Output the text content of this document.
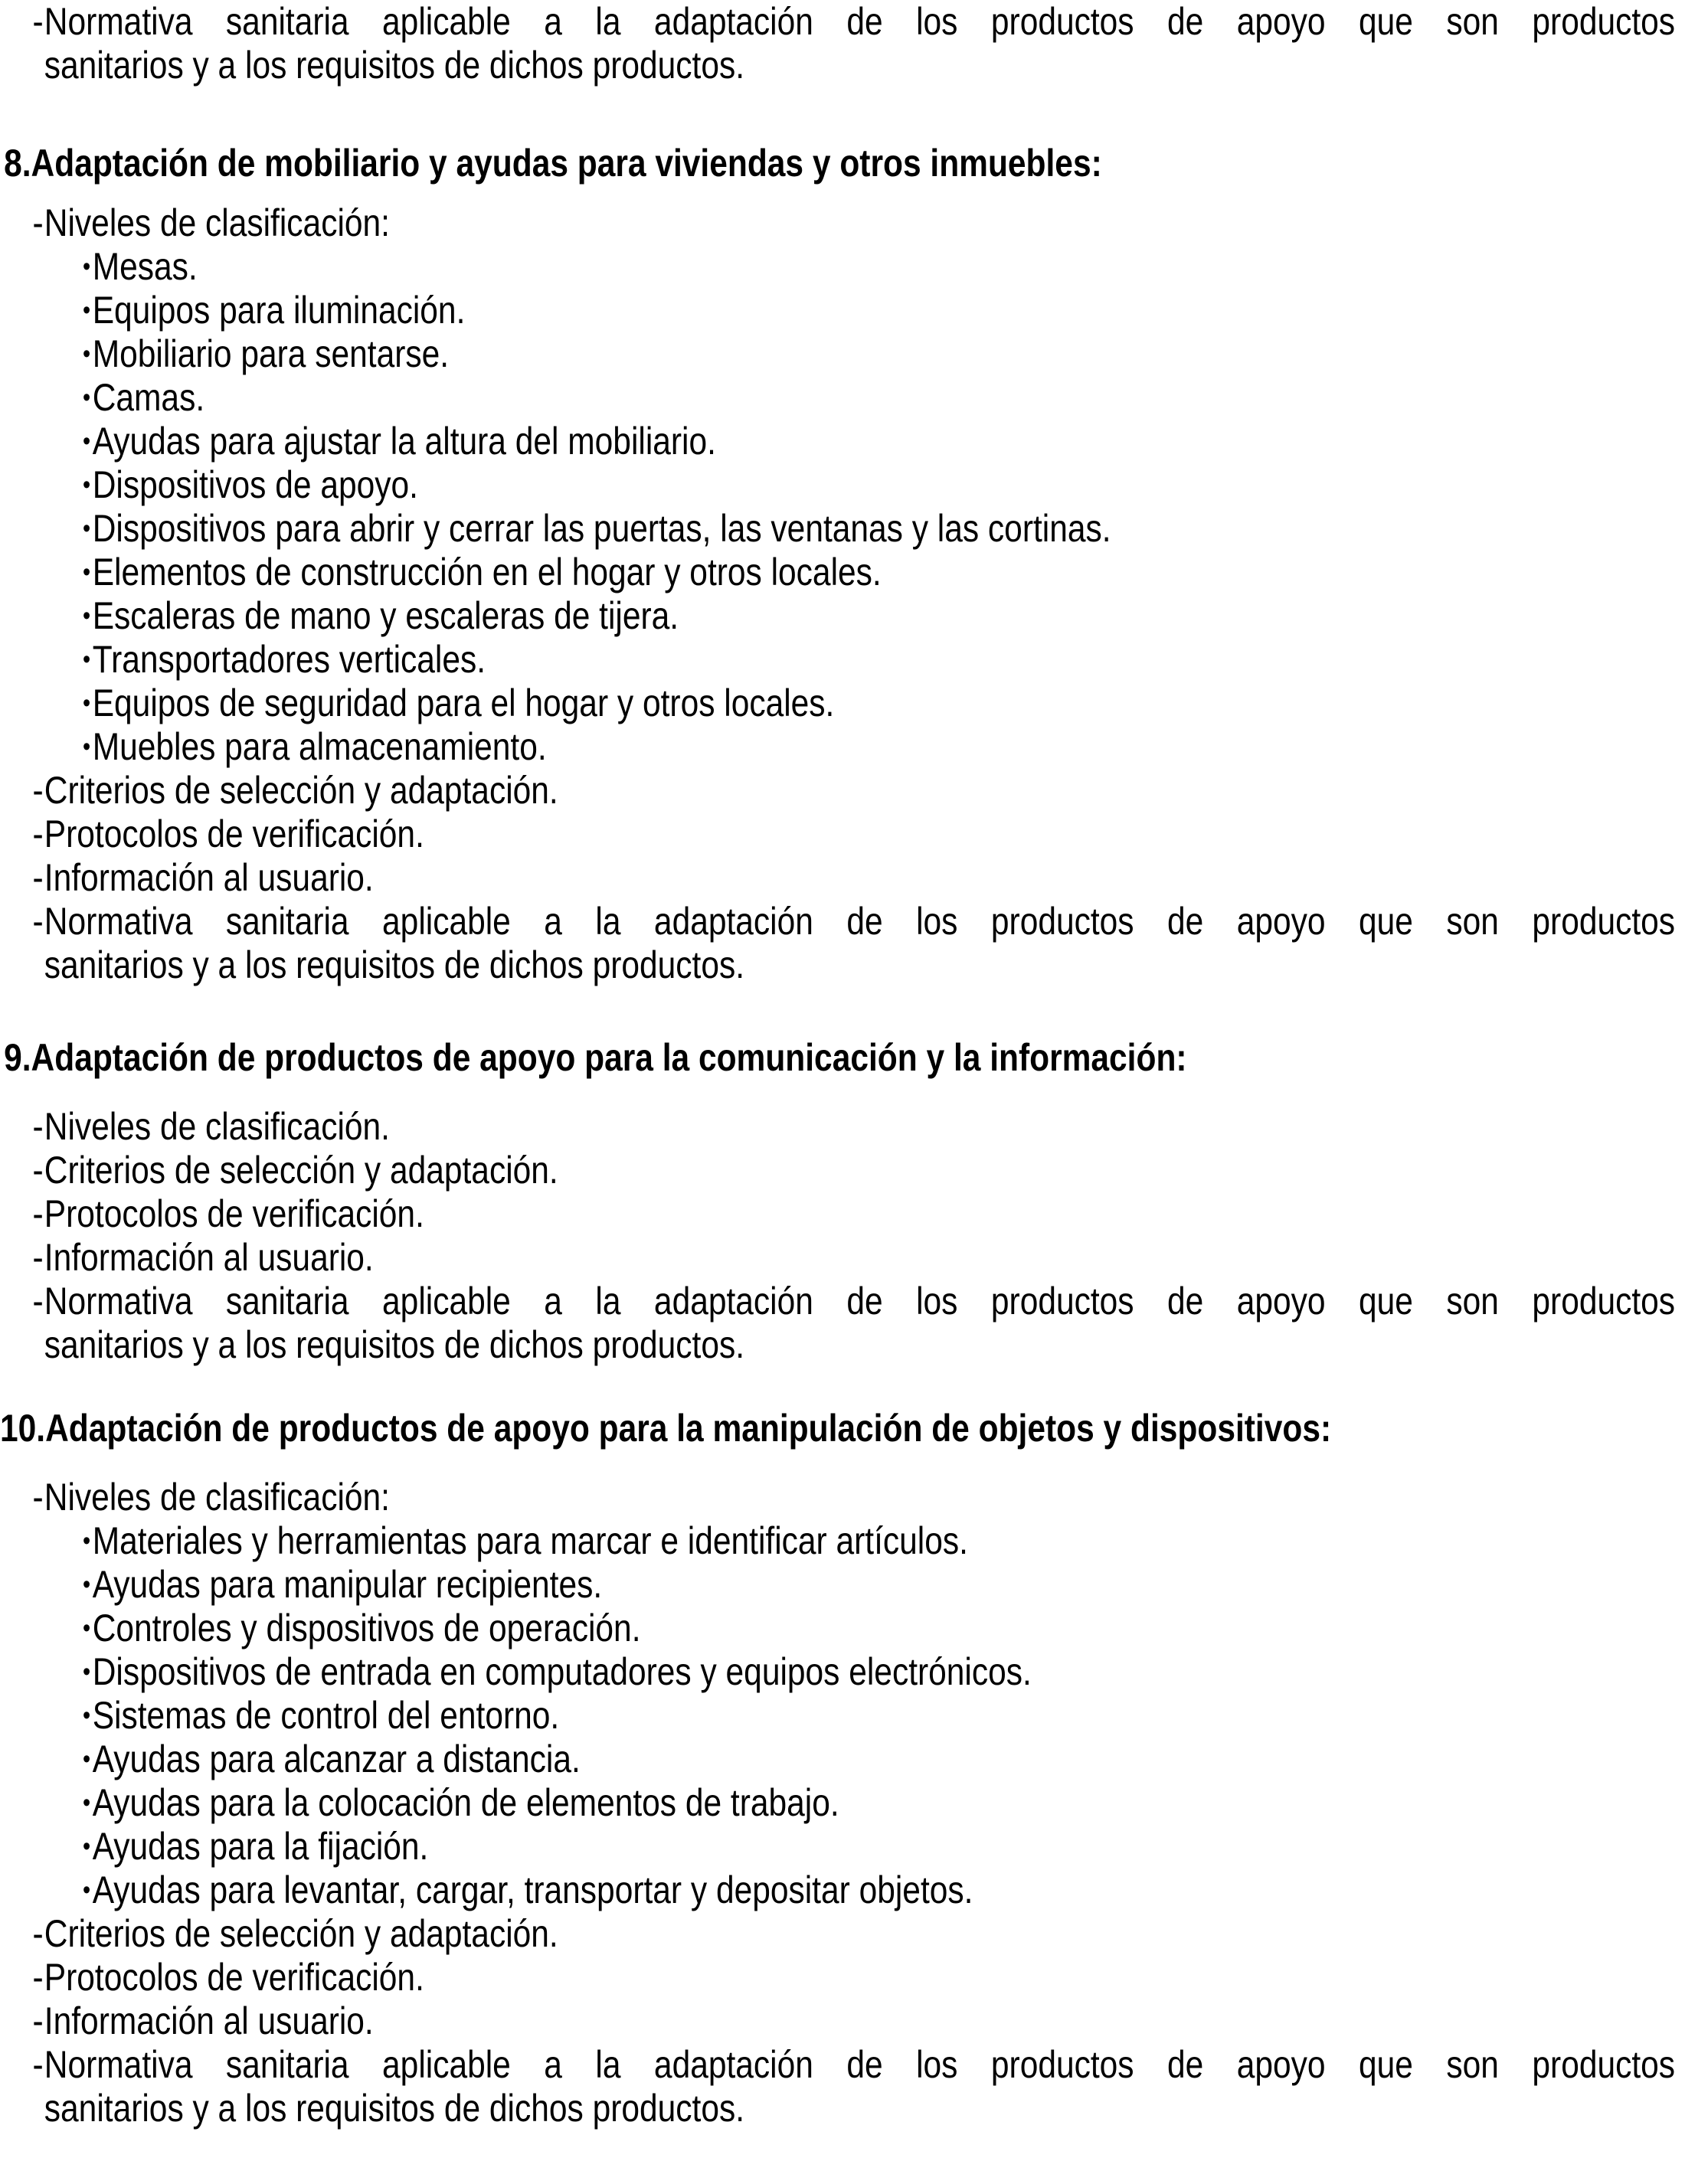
- Normativa sanitaria aplicable a la adaptación de los productos de apoyo que son productos
sanitarios y a los requisitos de dichos productos.
8. Adaptación de mobiliario y ayudas para viviendas y otros inmuebles:
- Niveles de clasificación:
• Mesas.
• Equipos para iluminación.
• Mobiliario para sentarse.
• Camas.
• Ayudas para ajustar la altura del mobiliario.
• Dispositivos de apoyo.
• Dispositivos para abrir y cerrar las puertas, las ventanas y las cortinas.
• Elementos de construcción en el hogar y otros locales.
• Escaleras de mano y escaleras de tijera.
• Transportadores verticales.
• Equipos de seguridad para el hogar y otros locales.
• Muebles para almacenamiento.
- Criterios de selección y adaptación.
- Protocolos de verificación.
- Información al usuario.
- Normativa sanitaria aplicable a la adaptación de los productos de apoyo que son productos
sanitarios y a los requisitos de dichos productos.
9. Adaptación de productos de apoyo para la comunicación y la información:
- Niveles de clasificación.
- Criterios de selección y adaptación.
- Protocolos de verificación.
- Información al usuario.
- Normativa sanitaria aplicable a la adaptación de los productos de apoyo que son productos
sanitarios y a los requisitos de dichos productos.
10. Adaptación de productos de apoyo para la manipulación de objetos y dispositivos:
- Niveles de clasificación:
• Materiales y herramientas para marcar e identificar artículos.
• Ayudas para manipular recipientes.
• Controles y dispositivos de operación.
• Dispositivos de entrada en computadores y equipos electrónicos.
• Sistemas de control del entorno.
• Ayudas para alcanzar a distancia.
• Ayudas para la colocación de elementos de trabajo.
• Ayudas para la fijación.
• Ayudas para levantar, cargar, transportar y depositar objetos.
- Criterios de selección y adaptación.
- Protocolos de verificación.
- Información al usuario.
- Normativa sanitaria aplicable a la adaptación de los productos de apoyo que son productos
sanitarios y a los requisitos de dichos productos.
